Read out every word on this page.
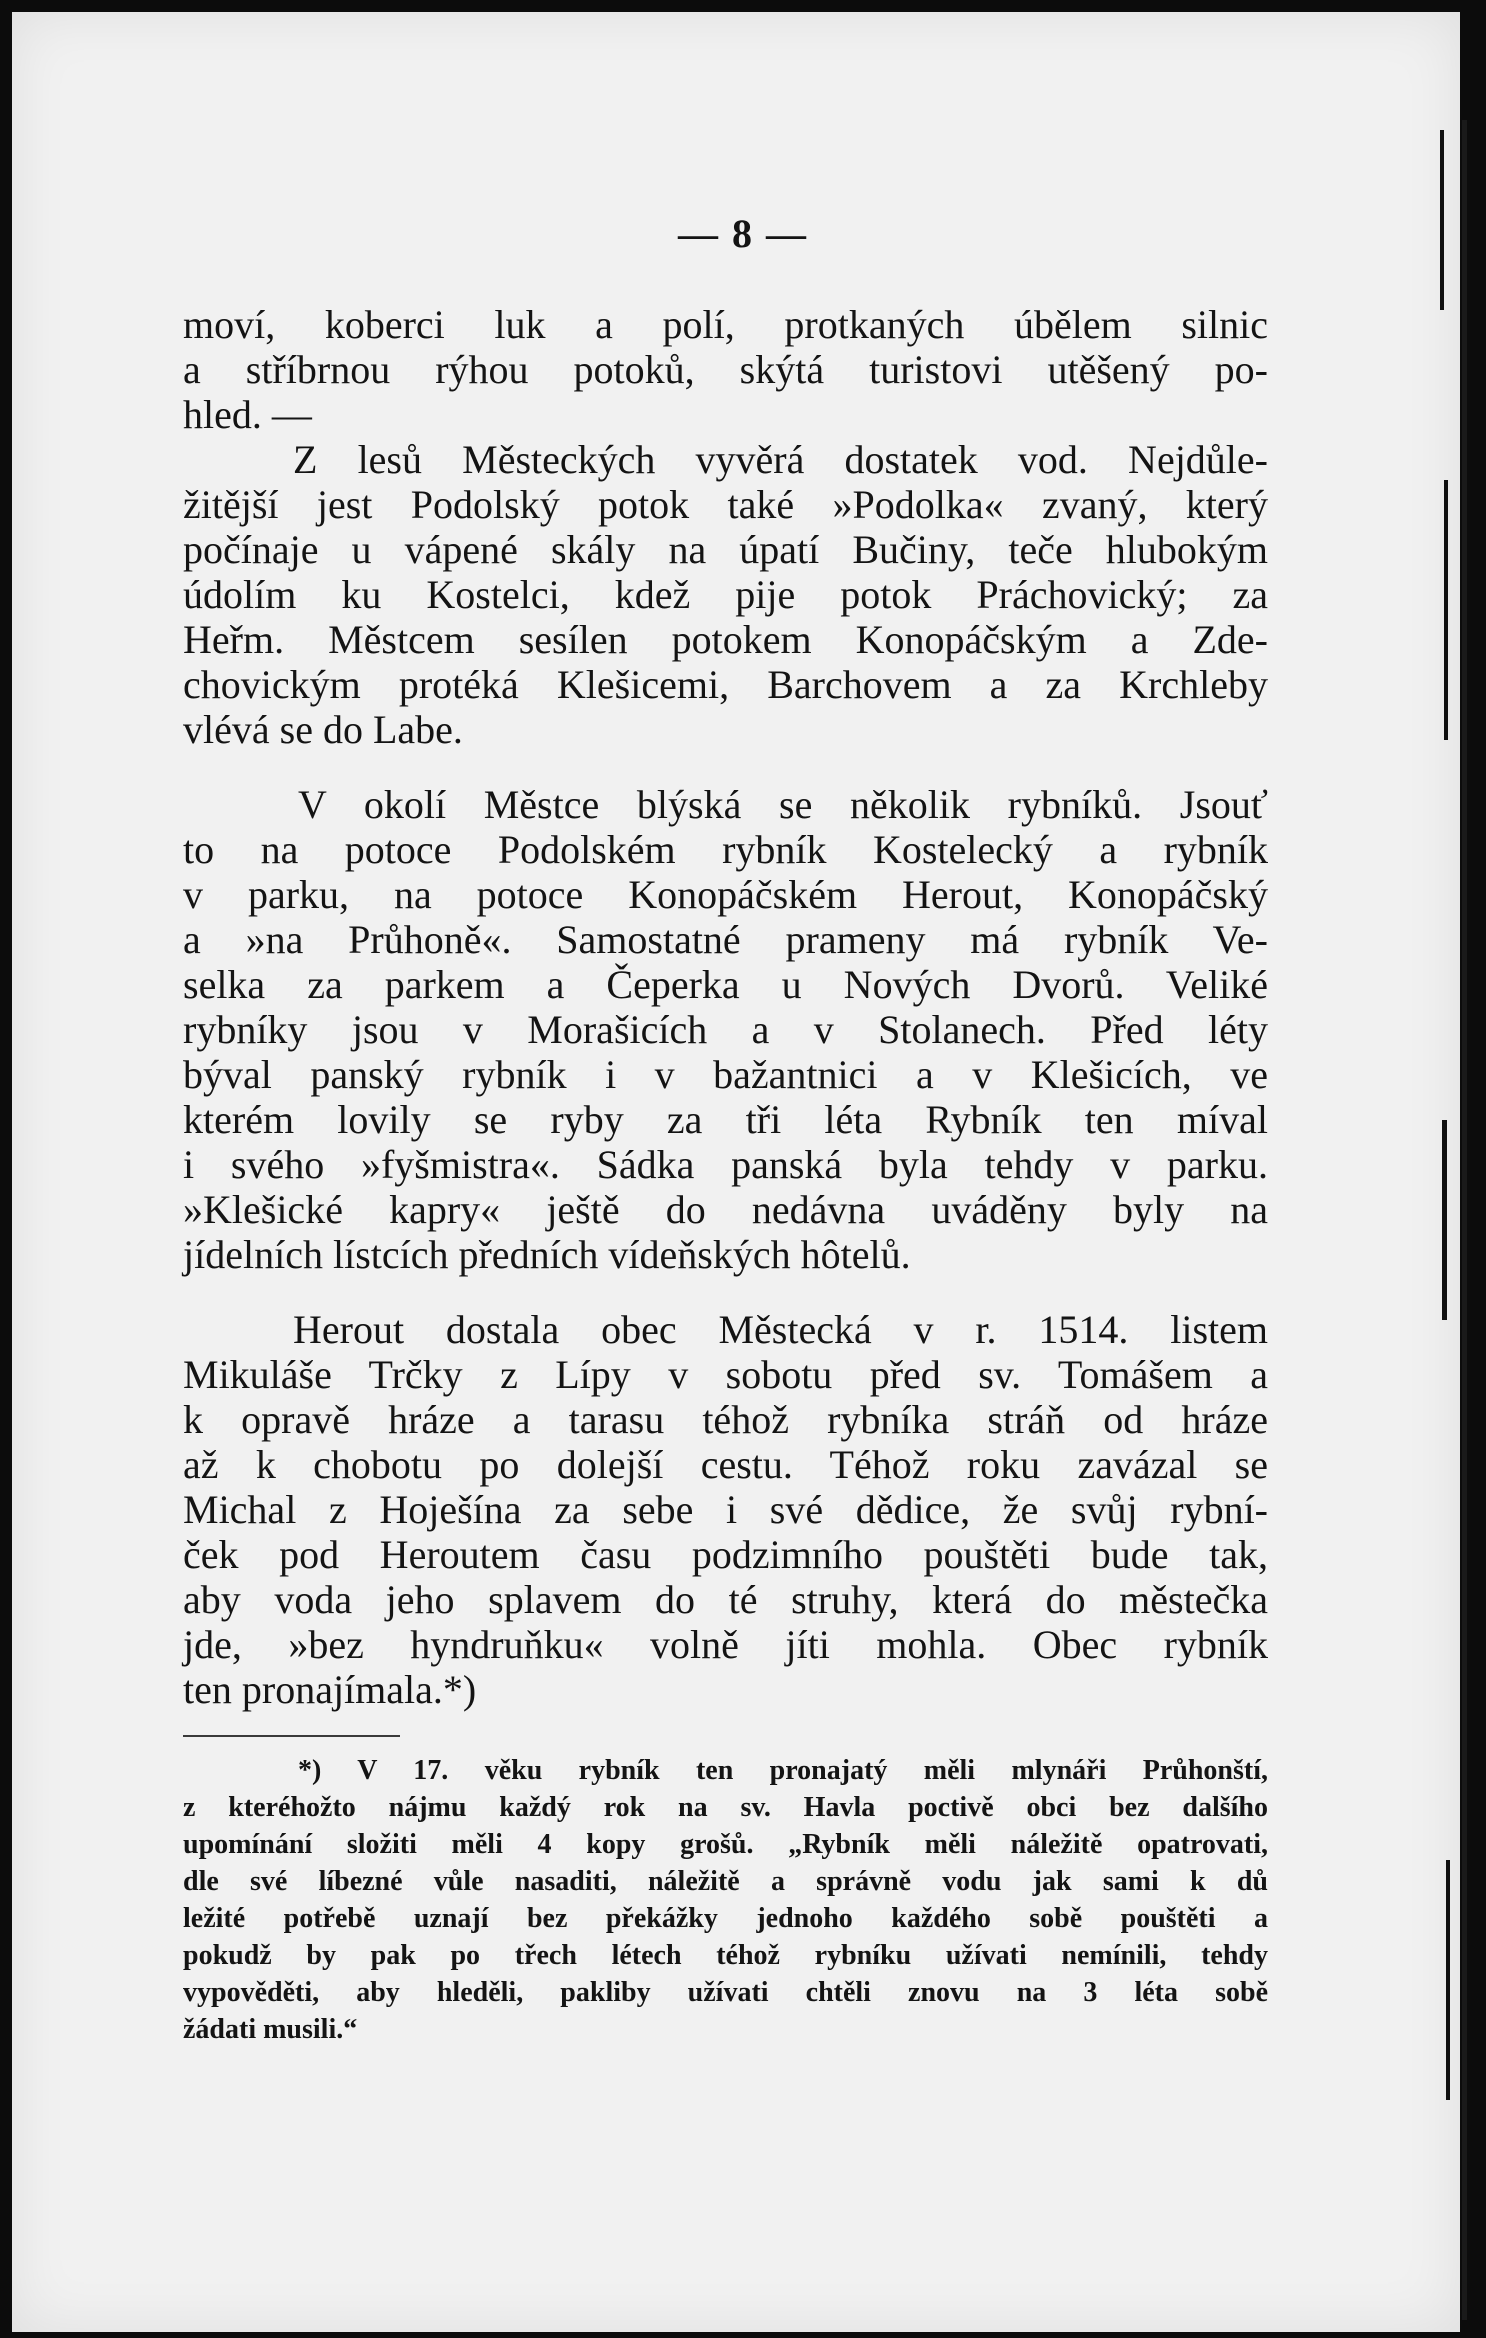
— 8 —
moví, koberci luk a polí, protkaných úbělem silnic
a stříbrnou rýhou potoků, skýtá turistovi utěšený po-
hled. —
Z lesů Městeckých vyvěrá dostatek vod. Nejdůle-
žitější jest Podolský potok také »Podolka« zvaný, který
počínaje u vápené skály na úpatí Bučiny, teče hlubokým
údolím ku Kostelci, kdež pije potok Práchovický; za
Heřm. Městcem sesílen potokem Konopáčským a Zde-
chovickým protéká Klešicemi, Barchovem a za Krchleby
vlévá se do Labe.
V okolí Městce blýská se několik rybníků. Jsouť
to na potoce Podolském rybník Kostelecký a rybník
v parku, na potoce Konopáčském Herout, Konopáčský
a »na Průhoně«. Samostatné prameny má rybník Ve-
selka za parkem a Čeperka u Nových Dvorů. Veliké
rybníky jsou v Morašicích a v Stolanech. Před léty
býval panský rybník i v bažantnici a v Klešicích, ve
kterém lovily se ryby za tři léta Rybník ten míval
i svého »fyšmistra«. Sádka panská byla tehdy v parku.
»Klešické kapry« ještě do nedávna uváděny byly na
jídelních lístcích předních vídeňských hôtelů.
Herout dostala obec Městecká v r. 1514. listem
Mikuláše Trčky z Lípy v sobotu před sv. Tomášem a
k opravě hráze a tarasu téhož rybníka stráň od hráze
až k chobotu po dolejší cestu. Téhož roku zavázal se
Michal z Hoješína za sebe i své dědice, že svůj rybní-
ček pod Heroutem času podzimního pouštěti bude tak,
aby voda jeho splavem do té struhy, která do městečka
jde, »bez hyndruňku« volně jíti mohla. Obec rybník
ten pronajímala.*)
*) V 17. věku rybník ten pronajatý měli mlynáři Průhonští,
z kteréhožto nájmu každý rok na sv. Havla poctivě obci bez dalšího
upomínání složiti měli 4 kopy grošů. „Rybník měli náležitě opatrovati,
dle své líbezné vůle nasaditi, náležitě a správně vodu jak sami k dů
ležité potřebě uznají bez překážky jednoho každého sobě pouštěti a
pokudž by pak po třech létech téhož rybníku užívati nemínili, tehdy
vypověděti, aby hleděli, pakliby užívati chtěli znovu na 3 léta sobě
žádati musili.“
